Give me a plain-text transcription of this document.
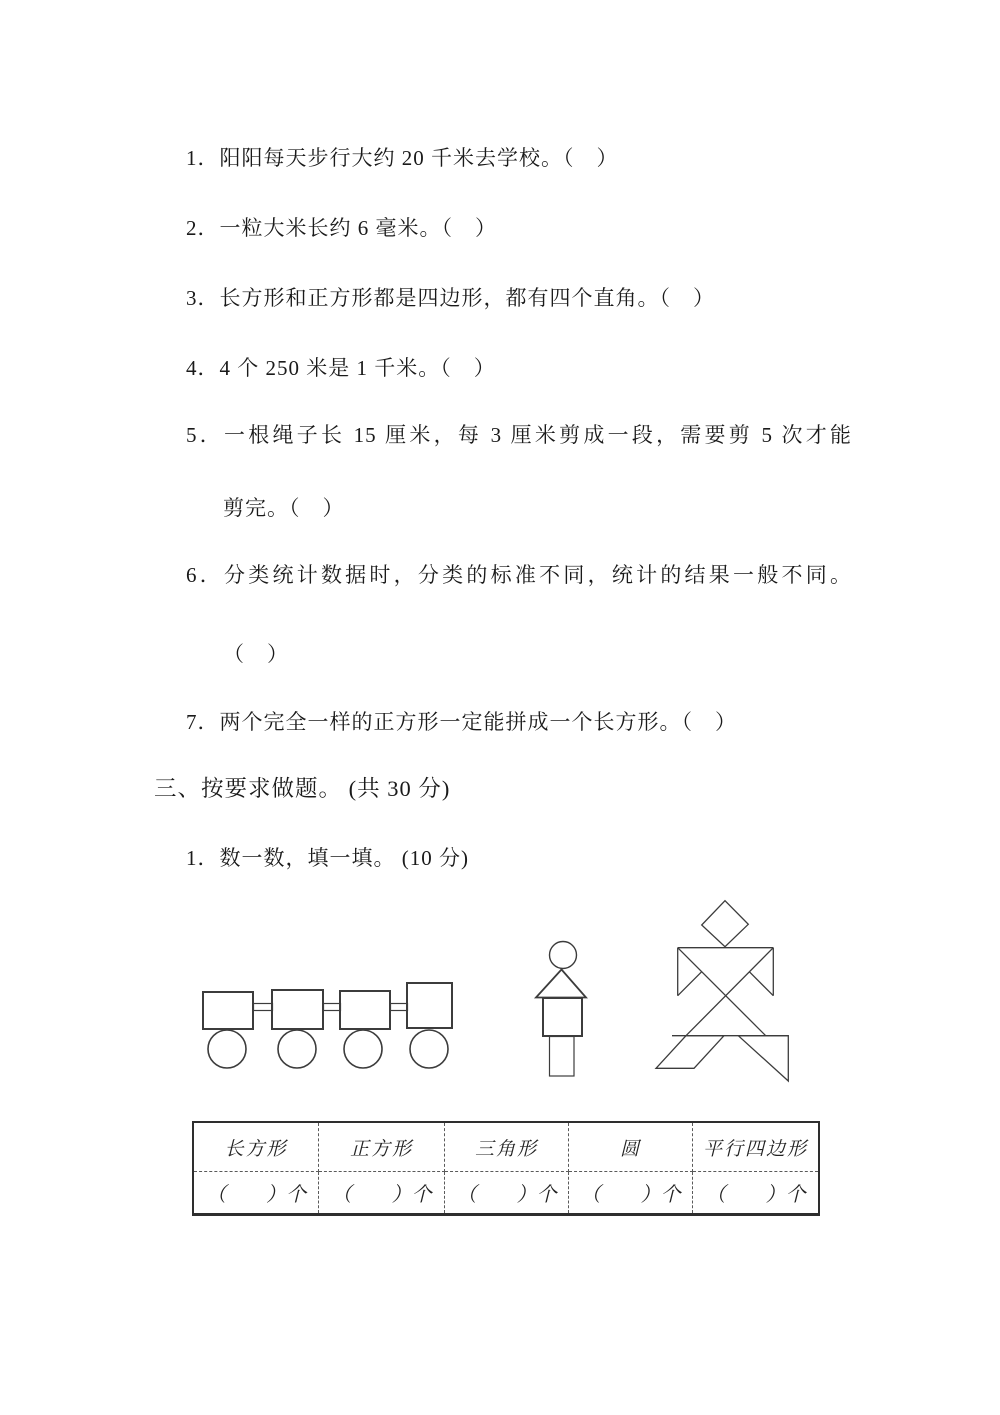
1．阳阳每天步行大约 20 千米去学校。（　）
2．一粒大米长约 6 毫米。（　）
3．长方形和正方形都是四边形，都有四个直角。（　）
4．4 个 250 米是 1 千米。（　）
5．一根绳子长 15 厘米，每 3 厘米剪成一段，需要剪 5 次才能
剪完。（　）
6．分类统计数据时，分类的标准不同，统计的结果一般不同。
（　）
7．两个完全一样的正方形一定能拼成一个长方形。（　）
三、按要求做题。 (共 30 分)
1．数一数，填一填。 (10 分)
长方形	正方形	三角形	圆	平行四边形
（　　）个	（　　）个	（　　）个	（　　）个	（　　）个
